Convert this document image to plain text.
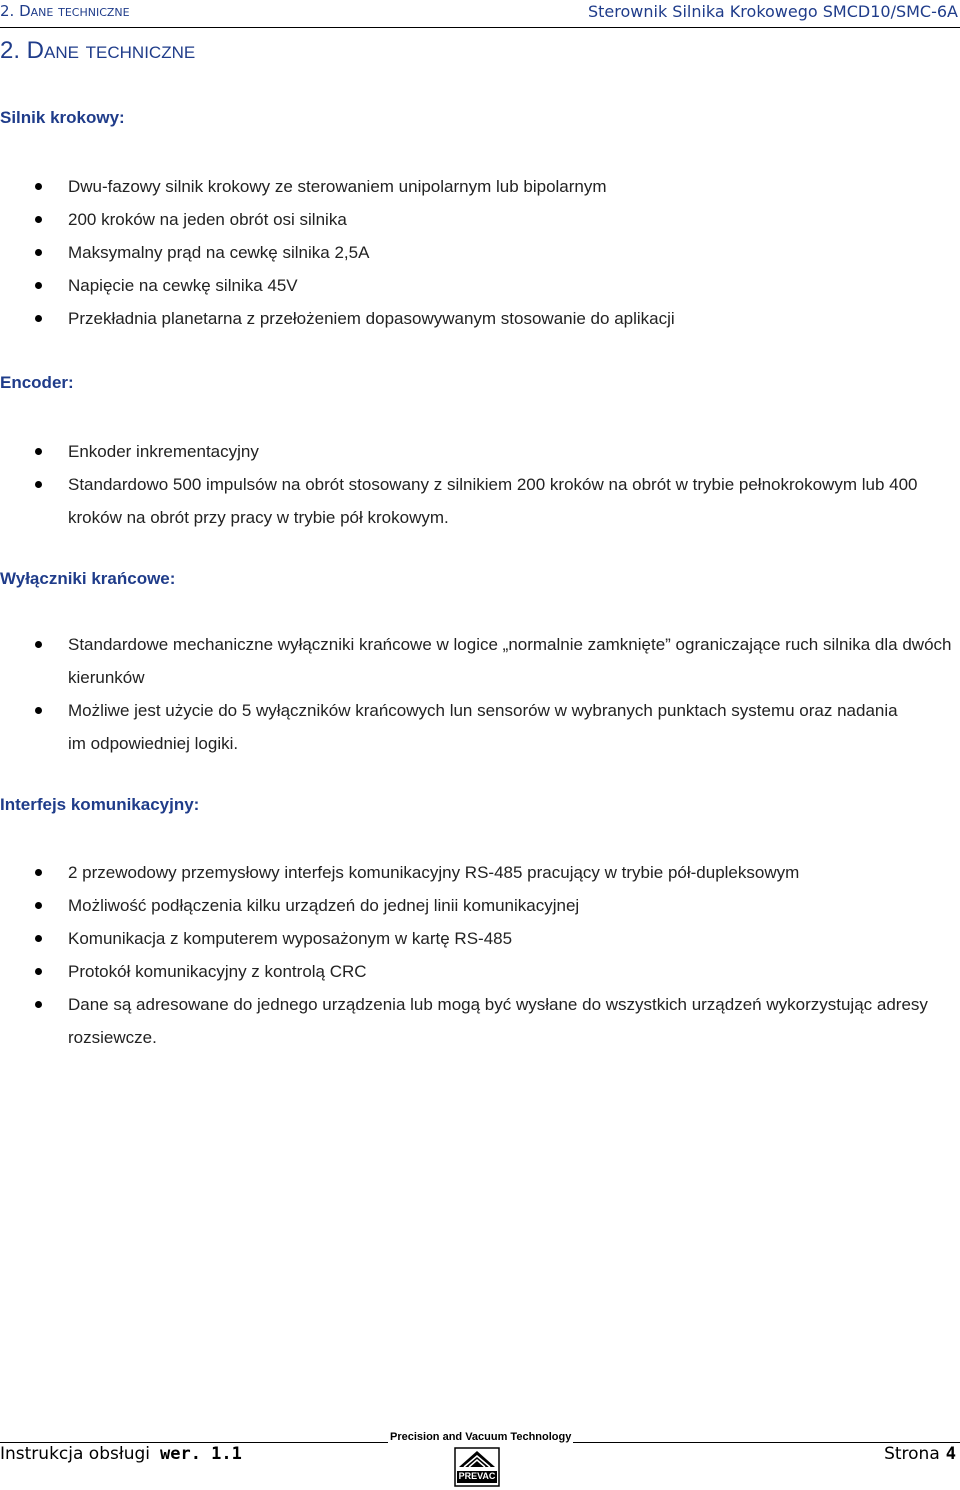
2. Dane techniczne	Sterownik Silnika Krokowego SMCD10/SMC-6A
2. Dane techniczne
Silnik krokowy:
Dwu-fazowy silnik krokowy ze sterowaniem unipolarnym lub bipolarnym
200 kroków na jeden obrót osi silnika
Maksymalny prąd na cewkę silnika 2,5A
Napięcie na cewkę silnika 45V
Przekładnia planetarna z przełożeniem dopasowywanym stosowanie do aplikacji
Encoder:
Enkoder inkrementacyjny
Standardowo 500 impulsów na obrót stosowany z silnikiem 200 kroków na obrót w trybie pełnokrokowym lub 400 kroków na obrót przy pracy w trybie pół krokowym.
Wyłączniki krańcowe:
Standardowe mechaniczne wyłączniki krańcowe w logice „normalnie zamknięte” ograniczające ruch silnika dla dwóch kierunków
Możliwe jest użycie do 5 wyłączników krańcowych lun sensorów w wybranych punktach systemu oraz nadania im odpowiedniej logiki.
Interfejs komunikacyjny:
2 przewodowy przemysłowy interfejs komunikacyjny RS-485 pracujący w trybie pół-dupleksowym
Możliwość podłączenia kilku urządzeń do jednej linii komunikacyjnej
Komunikacja z komputerem wyposażonym w kartę RS-485
Protokół komunikacyjny z kontrolą CRC
Dane są adresowane do jednego urządzenia lub mogą być wysłane do wszystkich urządzeń wykorzystując adresy rozsiewcze.
Precision and Vacuum Technology
Instrukcja obsługi wer. 1.1
PREVAC
Strona 4
